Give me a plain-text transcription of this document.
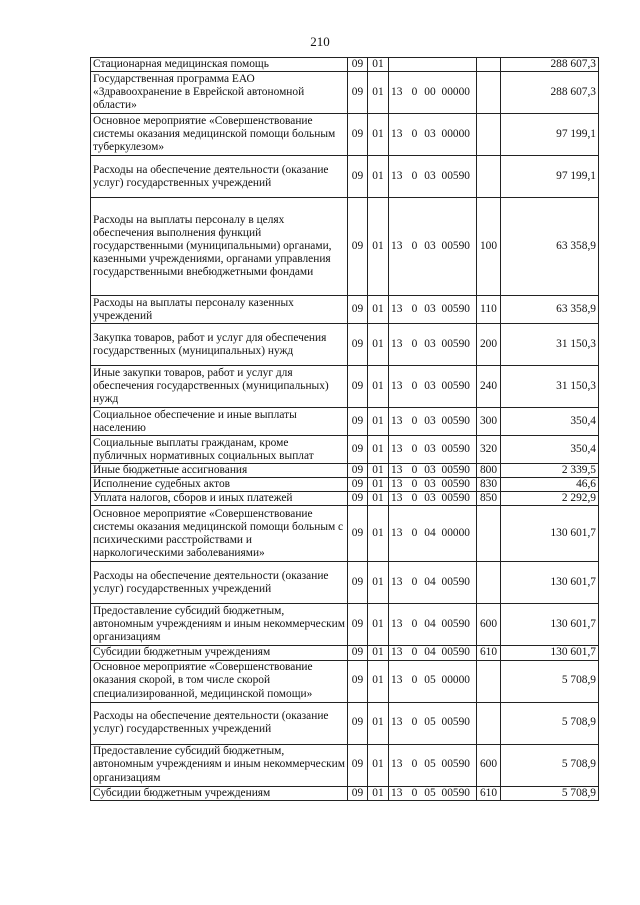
210
Стационарная медицинская помощь	09	01						288 607,3
Государственная программа ЕАО «Здравоохранение в Еврейской автономной области»	09	01	13	0	00	00000		288 607,3
Основное мероприятие «Совершенствование системы оказания медицинской помощи больным туберкулезом»	09	01	13	0	03	00000		97 199,1
Расходы на обеспечение деятельности (оказание услуг) государственных учреждений	09	01	13	0	03	00590		97 199,1
Расходы на выплаты персоналу в целях обеспечения выполнения функций государственными (муниципальными) органами, казенными учреждениями, органами управления государственными внебюджетными фондами	09	01	13	0	03	00590	100	63 358,9
Расходы на выплаты персоналу казенных учреждений	09	01	13	0	03	00590	110	63 358,9
Закупка товаров, работ и услуг для обеспечения государственных (муниципальных) нужд	09	01	13	0	03	00590	200	31 150,3
Иные закупки товаров, работ и услуг для обеспечения государственных (муниципальных) нужд	09	01	13	0	03	00590	240	31 150,3
Социальное обеспечение и иные выплаты населению	09	01	13	0	03	00590	300	350,4
Социальные выплаты гражданам, кроме публичных нормативных социальных выплат	09	01	13	0	03	00590	320	350,4
Иные бюджетные ассигнования	09	01	13	0	03	00590	800	2 339,5
Исполнение судебных актов	09	01	13	0	03	00590	830	46,6
Уплата налогов, сборов и иных платежей	09	01	13	0	03	00590	850	2 292,9
Основное мероприятие «Совершенствование системы оказания медицинской помощи больным с психическими расстройствами и наркологическими заболеваниями»	09	01	13	0	04	00000		130 601,7
Расходы на обеспечение деятельности (оказание услуг) государственных учреждений	09	01	13	0	04	00590		130 601,7
Предоставление субсидий бюджетным, автономным учреждениям и иным некоммерческим организациям	09	01	13	0	04	00590	600	130 601,7
Субсидии бюджетным учреждениям	09	01	13	0	04	00590	610	130 601,7
Основное мероприятие «Совершенствование оказания скорой, в том числе скорой специализированной, медицинской помощи»	09	01	13	0	05	00000		5 708,9
Расходы на обеспечение деятельности (оказание услуг) государственных учреждений	09	01	13	0	05	00590		5 708,9
Предоставление субсидий бюджетным, автономным учреждениям и иным некоммерческим организациям	09	01	13	0	05	00590	600	5 708,9
Субсидии бюджетным учреждениям	09	01	13	0	05	00590	610	5 708,9
